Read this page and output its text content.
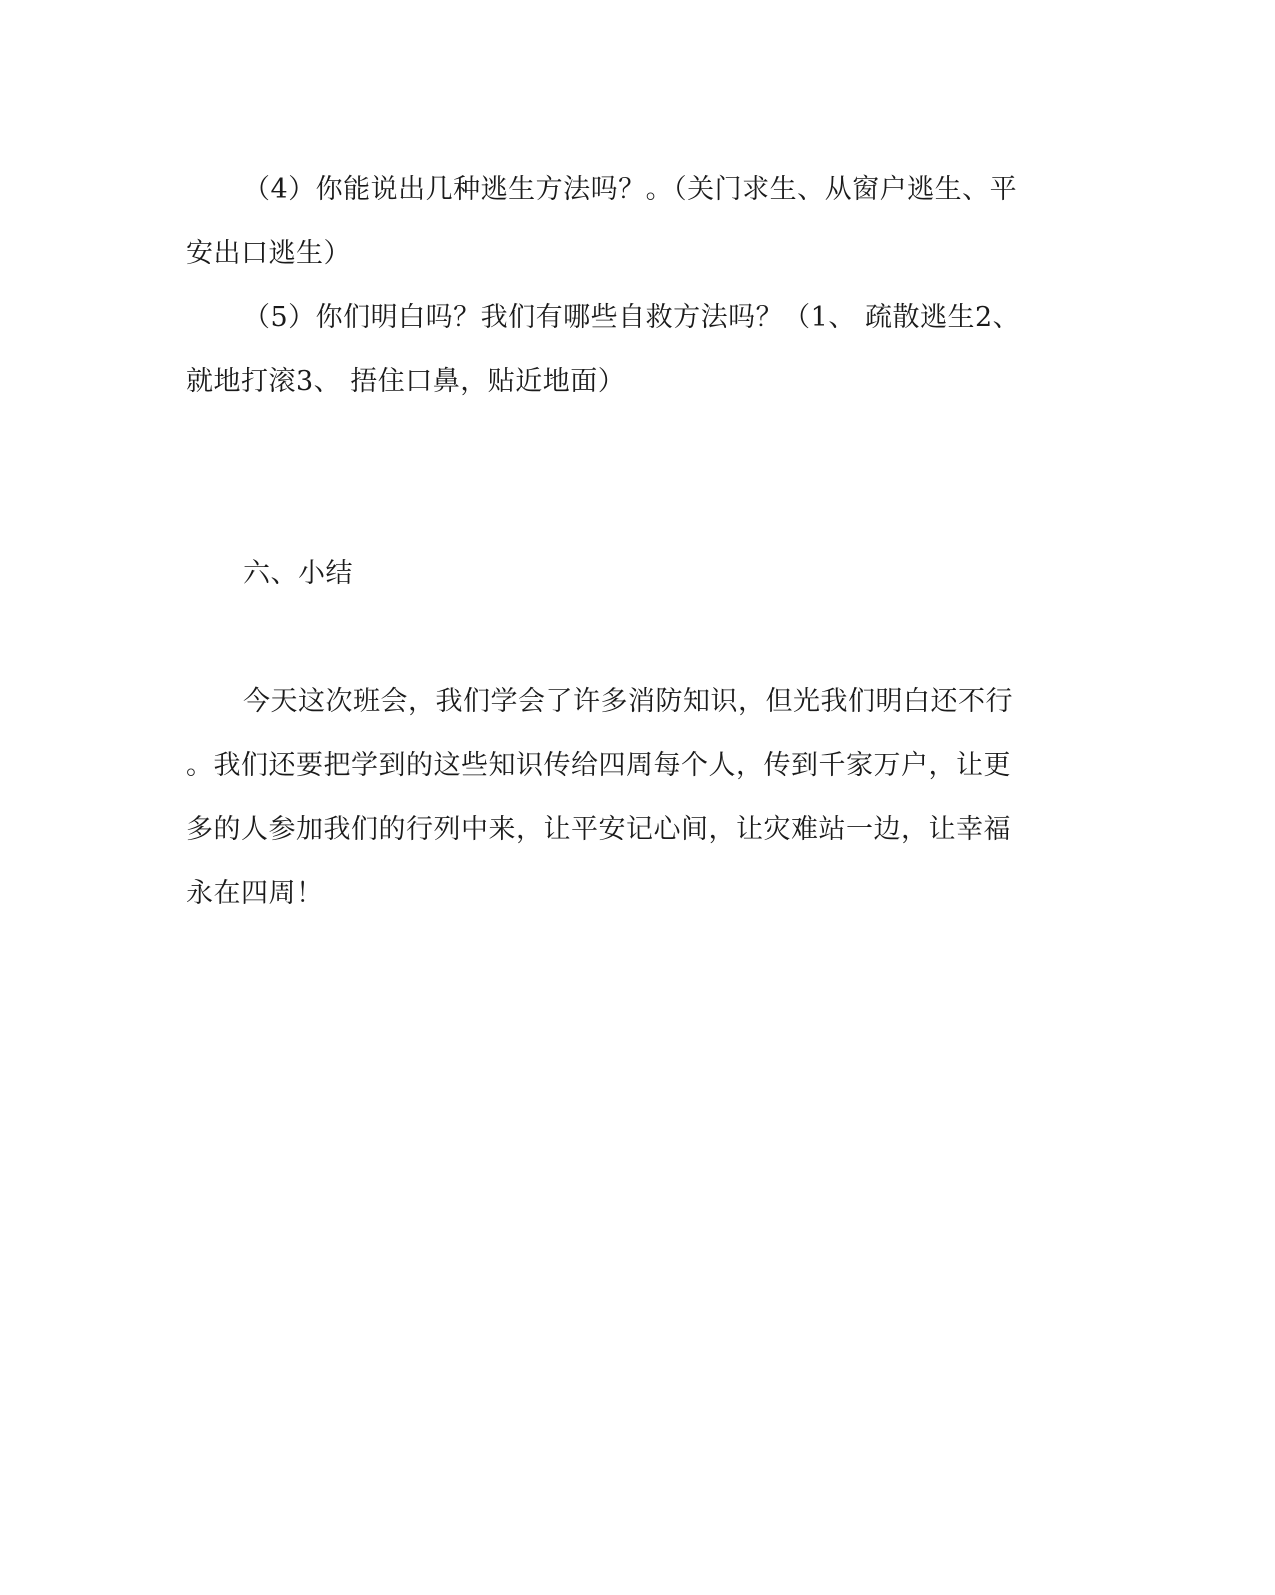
（4）你能说出几种逃生方法吗？。（关门求生、从窗户逃生、平
安出口逃生）
（5）你们明白吗？我们有哪些自救方法吗？（1、 疏散逃生2、
就地打滚3、 捂住口鼻，贴近地面）
六、小结
今天这次班会，我们学会了许多消防知识，但光我们明白还不行
。我们还要把学到的这些知识传给四周每个人，传到千家万户，让更
多的人参加我们的行列中来，让平安记心间，让灾难站一边，让幸福
永在四周！
